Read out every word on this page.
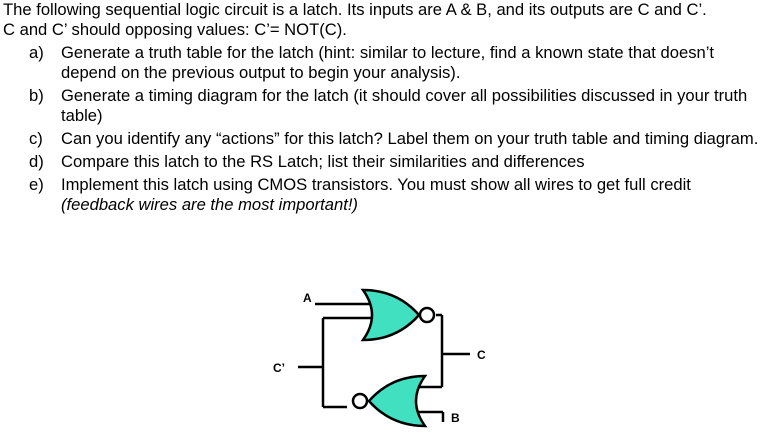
The following sequential logic circuit is a latch. Its inputs are A & B, and its outputs are C and C’.
C and C’ should opposing values: C’= NOT(C).
a) Generate a truth table for the latch (hint: similar to lecture, find a known state that doesn’t depend on the previous output to begin your analysis).
b) Generate a timing diagram for the latch (it should cover all possibilities discussed in your truth table)
c) Can you identify any “actions” for this latch? Label them on your truth table and timing diagram.
d) Compare this latch to the RS Latch; list their similarities and differences
e) Implement this latch using CMOS transistors. You must show all wires to get full credit
(feedback wires are the most important!)
A
C’
C
B
